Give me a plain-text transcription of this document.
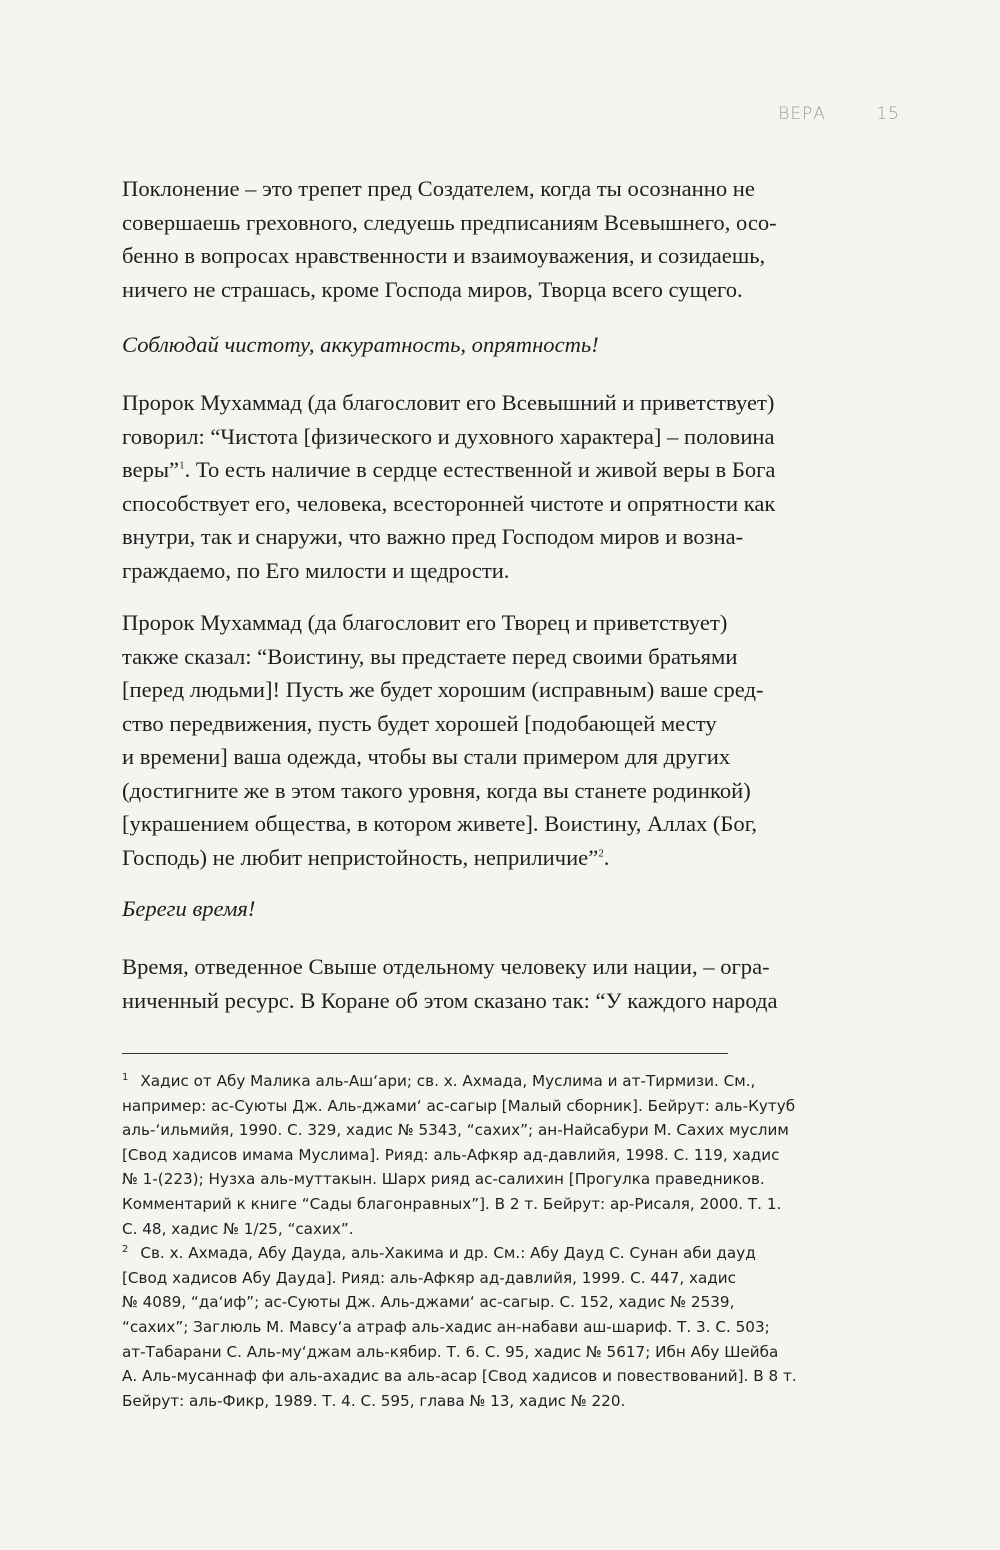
ВЕРА	15

Поклонение – это трепет пред Создателем, когда ты осознанно не
совершаешь греховного, следуешь предписаниям Всевышнего, осо-
бенно в вопросах нравственности и взаимоуважения, и созидаешь,
ничего не страшась, кроме Господа миров, Творца всего сущего.

Соблюдай чистоту, аккуратность, опрятность!

Пророк Мухаммад (да благословит его Всевышний и приветствует)
говорил: “Чистота [физического и духовного характера] – половина
веры”$^1$. То есть наличие в сердце естественной и живой веры в Бога
способствует его, человека, всесторонней чистоте и опрятности как
внутри, так и снаружи, что важно пред Господом миров и возна-
граждаемо, по Его милости и щедрости.

Пророк Мухаммад (да благословит его Творец и приветствует)
также сказал: “Воистину, вы предстаете перед своими братьями
[перед людьми]! Пусть же будет хорошим (исправным) ваше сред-
ство передвижения, пусть будет хорошей [подобающей месту
и времени] ваша одежда, чтобы вы стали примером для других
(достигните же в этом такого уровня, когда вы станете родинкой)
[украшением общества, в котором живете]. Воистину, Аллах (Бог,
Господь) не любит непристойность, неприличие”$^2$.

Береги время!

Время, отведенное Свыше отдельному человеку или нации, – огра-
ниченный ресурс. В Коране об этом сказано так: “У каждого народа

$^1$ Хадис от Абу Малика аль-Аш‘ари; св. х. Ахмада, Муслима и ат-Тирмизи. См.,
например: ас-Суюты Дж. Аль-джами‘ ас-сагыр [Малый сборник]. Бейрут: аль-Кутуб
аль-‘ильмийя, 1990. С. 329, хадис № 5343, “сахих”; ан-Найсабури М. Сахих муслим
[Свод хадисов имама Муслима]. Рияд: аль-Афкяр ад-давлийя, 1998. С. 119, хадис
№ 1-(223); Нузха аль-муттакын. Шарх рияд ас-салихин [Прогулка праведников.
Комментарий к книге “Сады благонравных”]. В 2 т. Бейрут: ар-Рисаля, 2000. Т. 1.
С. 48, хадис № 1/25, “сахих”.

$^2$ Св. х. Ахмада, Абу Дауда, аль-Хакима и др. См.: Абу Дауд С. Сунан аби дауд
[Свод хадисов Абу Дауда]. Рияд: аль-Афкяр ад-давлийя, 1999. С. 447, хадис
№ 4089, “да‘иф”; ас-Суюты Дж. Аль-джами‘ ас-сагыр. С. 152, хадис № 2539,
“сахих”; Заглюль М. Мавсу‘а атраф аль-хадис ан-набави аш-шариф. Т. 3. С. 503;
ат-Табарани С. Аль-му‘джам аль-кябир. Т. 6. С. 95, хадис № 5617; Ибн Абу Шейба
А. Аль-мусаннаф фи аль-ахадис ва аль-асар [Свод хадисов и повествований]. В 8 т.
Бейрут: аль-Фикр, 1989. Т. 4. С. 595, глава № 13, хадис № 220.
